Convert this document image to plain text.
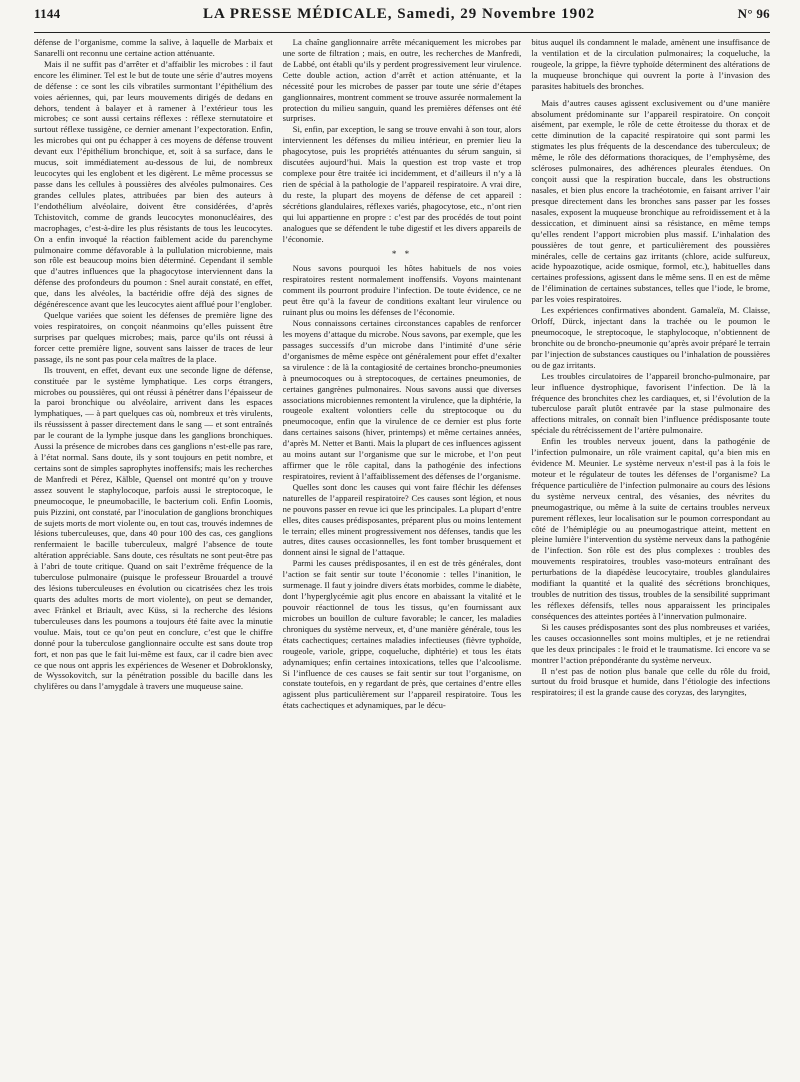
1144	LA PRESSE MÉDICALE, Samedi, 29 Novembre 1902	N° 96

défense de l’organisme, comme la salive, à laquelle de Marbaix et Sanarelli ont reconnu une certaine action atténuante.

Mais il ne suffit pas d’arrêter et d’affaiblir les microbes : il faut encore les éliminer. Tel est le but de toute une série d’autres moyens de défense : ce sont les cils vibratiles surmontant l’épithélium des voies aériennes, qui, par leurs mouvements dirigés de dedans en dehors, tendent à balayer et à ramener à l’extérieur tous les microbes; ce sont aussi certains réflexes : réflexe sternutatoire et surtout réflexe tussigène, ce dernier amenant l’expectoration. Enfin, les microbes qui ont pu échapper à ces moyens de défense trouvent devant eux l’épithélium bronchique, et, soit à sa surface, dans le mucus, soit immédiatement au-dessous de lui, de nombreux leucocytes qui les englobent et les digèrent. Le même processus se passe dans les cellules à poussières des alvéoles pulmonaires. Ces grandes cellules plates, attribuées par bien des auteurs à l’endothélium alvéolaire, doivent être considérées, d’après Tchistovitch, comme de grands leucocytes mononucléaires, des macrophages, c’est-à-dire les plus résistants de tous les leucocytes. On a enfin invoqué la réaction faiblement acide du parenchyme pulmonaire comme défavorable à la pullulation microbienne, mais son rôle est beaucoup moins bien déterminé. Cependant il semble que d’autres influences que la phagocytose interviennent dans la défense des profondeurs du poumon : Snel aurait constaté, en effet, que, dans les alvéoles, la bactéridie offre déjà des signes de dégénérescence avant que les leucocytes aient afflué pour l’englober.

Quelque variées que soient les défenses de première ligne des voies respiratoires, on conçoit néanmoins qu’elles puissent être surprises par quelques microbes; mais, parce qu’ils ont réussi à forcer cette première ligne, souvent sans laisser de traces de leur passage, ils ne sont pas pour cela maîtres de la place.

Ils trouvent, en effet, devant eux une seconde ligne de défense, constituée par le système lymphatique. Les corps étrangers, microbes ou poussières, qui ont réussi à pénétrer dans l’épaisseur de la paroi bronchique ou alvéolaire, arrivent dans les espaces lymphatiques, — à part quelques cas où, nombreux et très virulents, ils réussissent à passer directement dans le sang — et sont entraînés par le courant de la lymphe jusque dans les ganglions bronchiques. Aussi la présence de microbes dans ces ganglions n’est-elle pas rare, à l’état normal. Sans doute, ils y sont toujours en petit nombre, et certains sont de simples saprophytes inoffensifs; mais les recherches de Manfredi et Pérez, Kälble, Quensel ont montré qu’on y trouve assez souvent le staphylocoque, parfois aussi le streptocoque, le pneumocoque, le pneumobacille, le bacterium coli. Enfin Loomis, puis Pizzini, ont constaté, par l’inoculation de ganglions bronchiques de sujets morts de mort violente ou, en tout cas, trouvés indemnes de lésions tuberculeuses, que, dans 40 pour 100 des cas, ces ganglions renfermaient le bacille tuberculeux, malgré l’absence de toute altération appréciable. Sans doute, ces résultats ne sont peut-être pas à l’abri de toute critique. Quand on sait l’extrême fréquence de la tuberculose pulmonaire (puisque le professeur Brouardel a trouvé des lésions tuberculeuses en évolution ou cicatrisées chez les trois quarts des adultes morts de mort violente), on peut se demander, avec Fränkel et Briault, avec Küss, si la recherche des lésions tuberculeuses dans les poumons a toujours été faite avec la minutie voulue. Mais, tout ce qu’on peut en conclure, c’est que le chiffre donné pour la tuberculose ganglionnaire occulte est sans doute trop fort, et non pas que le fait lui-même est faux, car il cadre bien avec ce que nous ont appris les expériences de Wesener et Dobroklonsky, de Wyssokovitch, sur la pénétration possible du bacille dans les chylifères ou dans l’amygdale à travers une muqueuse saine.

La chaîne ganglionnaire arrête mécaniquement les microbes par une sorte de filtration ; mais, en outre, les recherches de Manfredi, de Labbé, ont établi qu’ils y perdent progressivement leur virulence. Cette double action, action d’arrêt et action atténuante, et la nécessité pour les microbes de passer par toute une série d’étapes ganglionnaires, montrent comment se trouve assurée normalement la protection du milieu sanguin, quand les premières défenses ont été surprises.

Si, enfin, par exception, le sang se trouve envahi à son tour, alors interviennent les défenses du milieu intérieur, en premier lieu la phagocytose, puis les propriétés atténuantes du sérum sanguin, si discutées aujourd’hui. Mais la question est trop vaste et trop complexe pour être traitée ici incidemment, et d’ailleurs il n’y a là rien de spécial à la pathologie de l’appareil respiratoire. A vrai dire, du reste, la plupart des moyens de défense de cet appareil : sécrétions glandulaires, réflexes variés, phagocytose, etc., n’ont rien qui lui appartienne en propre : c’est par des procédés de tout point analogues que se défendent le tube digestif et les divers appareils de l’économie.

* *

Nous savons pourquoi les hôtes habituels de nos voies respiratoires restent normalement inoffensifs. Voyons maintenant comment ils pourront produire l’infection. De toute évidence, ce ne peut être qu’à la faveur de conditions exaltant leur virulence ou ruinant plus ou moins les défenses de l’économie.

Nous connaissons certaines circonstances capables de renforcer les moyens d’attaque du microbe. Nous savons, par exemple, que les passages successifs d’un microbe dans l’intimité d’une série d’organismes de même espèce ont généralement pour effet d’exalter sa virulence : de là la contagiosité de certaines broncho-pneumonies à pneumocoques ou à streptocoques, de certaines pneumonies, de certaines gangrènes pulmonaires. Nous savons aussi que diverses associations microbiennes remontent la virulence, que la diphtérie, la rougeole exaltent volontiers celle du streptocoque ou du pneumocoque, enfin que la virulence de ce dernier est plus forte dans certaines saisons (hiver, printemps) et même certaines années, d’après M. Netter et Banti. Mais la plupart de ces influences agissent au moins autant sur l’organisme que sur le microbe, et l’on peut affirmer que le rôle capital, dans la pathogénie des infections respiratoires, revient à l’affaiblissement des défenses de l’organisme.

Quelles sont donc les causes qui vont faire fléchir les défenses naturelles de l’appareil respiratoire? Ces causes sont légion, et nous ne pouvons passer en revue ici que les principales. La plupart d’entre elles, dites causes prédisposantes, préparent plus ou moins lentement le terrain; elles minent progressivement nos défenses, tandis que les autres, dites causes occasionnelles, les font tomber brusquement et donnent ainsi le signal de l’attaque.

Parmi les causes prédisposantes, il en est de très générales, dont l’action se fait sentir sur toute l’économie : telles l’inanition, le surmenage. Il faut y joindre divers états morbides, comme le diabète, dont l’hyperglycémie agit plus encore en abaissant la vitalité et le pouvoir réactionnel de tous les tissus, qu’en fournissant aux microbes un bouillon de culture favorable; le cancer, les maladies chroniques du système nerveux, et, d’une manière générale, tous les états cachectiques; certaines maladies infectieuses (fièvre typhoïde, rougeole, variole, grippe, coqueluche, diphtérie) et tous les états adynamiques; enfin certaines intoxications, telles que l’alcoolisme. Si l’influence de ces causes se fait sentir sur tout l’organisme, on constate toutefois, en y regardant de près, que certaines d’entre elles agissent plus particulièrement sur l’appareil respiratoire. Tous les états cachectiques et adynamiques, par le décu-

bitus auquel ils condamnent le malade, amènent une insuffisance de la ventilation et de la circulation pulmonaires; la coqueluche, la rougeole, la grippe, la fièvre typhoïde déterminent des altérations de la muqueuse bronchique qui ouvrent la porte à l’invasion des parasites habituels des bronches.

Mais d’autres causes agissent exclusivement ou d’une manière absolument prédominante sur l’appareil respiratoire. On conçoit aisément, par exemple, le rôle de cette étroitesse du thorax et de cette diminution de la capacité respiratoire qui sont parmi les stigmates les plus fréquents de la descendance des tuberculeux; de même, le rôle des déformations thoraciques, de l’emphysème, des scléroses pulmonaires, des adhérences pleurales étendues. On conçoit aussi que la respiration buccale, dans les obstructions nasales, et bien plus encore la trachéotomie, en faisant arriver l’air presque directement dans les bronches sans passer par les fosses nasales, exposent la muqueuse bronchique au refroidissement et à la dessiccation, et diminuent ainsi sa résistance, en même temps qu’elles rendent l’apport microbien plus massif. L’inhalation des poussières de tout genre, et particulièrement des poussières minérales, celle de certains gaz irritants (chlore, acide sulfureux, acide hypoazotique, acide osmique, formol, etc.), habituelles dans certaines professions, agissent dans le même sens. Il en est de même de l’élimination de certaines substances, telles que l’iode, le brome, par les voies respiratoires.

Les expériences confirmatives abondent. Gamaleïa, M. Claisse, Orloff, Dürck, injectant dans la trachée ou le poumon le pneumocoque, le streptocoque, le staphylocoque, n’obtiennent de bronchite ou de broncho-pneumonie qu’après avoir préparé le terrain par l’injection de substances caustiques ou l’inhalation de poussières ou de gaz irritants.

Les troubles circulatoires de l’appareil broncho-pulmonaire, par leur influence dystrophique, favorisent l’infection. De là la fréquence des bronchites chez les cardiaques, et, si l’évolution de la tuberculose paraît plutôt entravée par la stase pulmonaire des affections mitrales, on connaît bien l’influence prédisposante toute spéciale du rétrécissement de l’artère pulmonaire.

Enfin les troubles nerveux jouent, dans la pathogénie de l’infection pulmonaire, un rôle vraiment capital, qu’a bien mis en évidence M. Meunier. Le système nerveux n’est-il pas à la fois le moteur et le régulateur de toutes les défenses de l’organisme? La fréquence particulière de l’infection pulmonaire au cours des lésions du système nerveux central, des vésanies, des névrites du pneumogastrique, ou même à la suite de certains troubles nerveux purement réflexes, leur localisation sur le poumon correspondant au côté de l’hémiplégie ou au pneumogastrique atteint, mettent en pleine lumière l’intervention du système nerveux dans la pathogénie de l’infection. Son rôle est des plus complexes : troubles des mouvements respiratoires, troubles vaso-moteurs entraînant des perturbations de la diapédèse leucocytaire, troubles glandulaires modifiant la quantité et la qualité des sécrétions bronchiques, troubles de nutrition des tissus, troubles de la sensibilité supprimant les réflexes défensifs, telles nous apparaissent les principales conséquences des atteintes portées à l’innervation pulmonaire.

Si les causes prédisposantes sont des plus nombreuses et variées, les causes occasionnelles sont moins multiples, et je ne retiendrai que les deux principales : le froid et le traumatisme. Ici encore va se montrer l’action prépondérante du système nerveux.

Il n’est pas de notion plus banale que celle du rôle du froid, surtout du froid brusque et humide, dans l’étiologie des infections respiratoires; il est la grande cause des coryzas, des laryngites,
